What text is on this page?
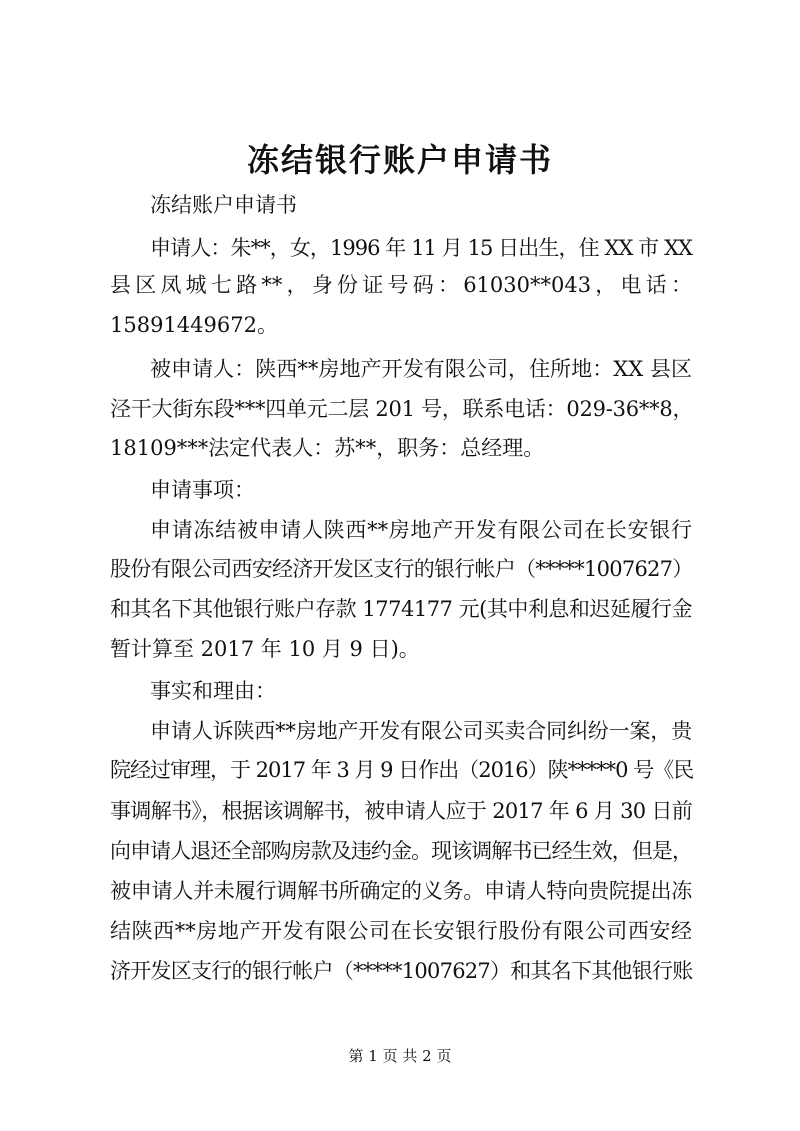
冻结银行账户申请书
冻结账户申请书
申请人：朱**，女，1996 年 11 月 15 日出生，住 XX 市 XX
县区凤城七路**，身份证号码：61030**043，电话：
15891449672。
被申请人：陕西**房地产开发有限公司，住所地：XX 县区
泾干大街东段***四单元二层 201 号，联系电话：029-36**8，
18109***法定代表人：苏**，职务：总经理。
申请事项：
申请冻结被申请人陕西**房地产开发有限公司在长安银行
股份有限公司西安经济开发区支行的银行帐户（*****1007627）
和其名下其他银行账户存款 1774177 元(其中利息和迟延履行金
暂计算至 2017 年 10 月 9 日)。
事实和理由：
申请人诉陕西**房地产开发有限公司买卖合同纠纷一案，贵
院经过审理，于 2017 年 3 月 9 日作出（2016）陕*****0 号《民
事调解书》，根据该调解书，被申请人应于 2017 年 6 月 30 日前
向申请人退还全部购房款及违约金。现该调解书已经生效，但是，
被申请人并未履行调解书所确定的义务。申请人特向贵院提出冻
结陕西**房地产开发有限公司在长安银行股份有限公司西安经
济开发区支行的银行帐户（*****1007627）和其名下其他银行账
第 1 页 共 2 页
